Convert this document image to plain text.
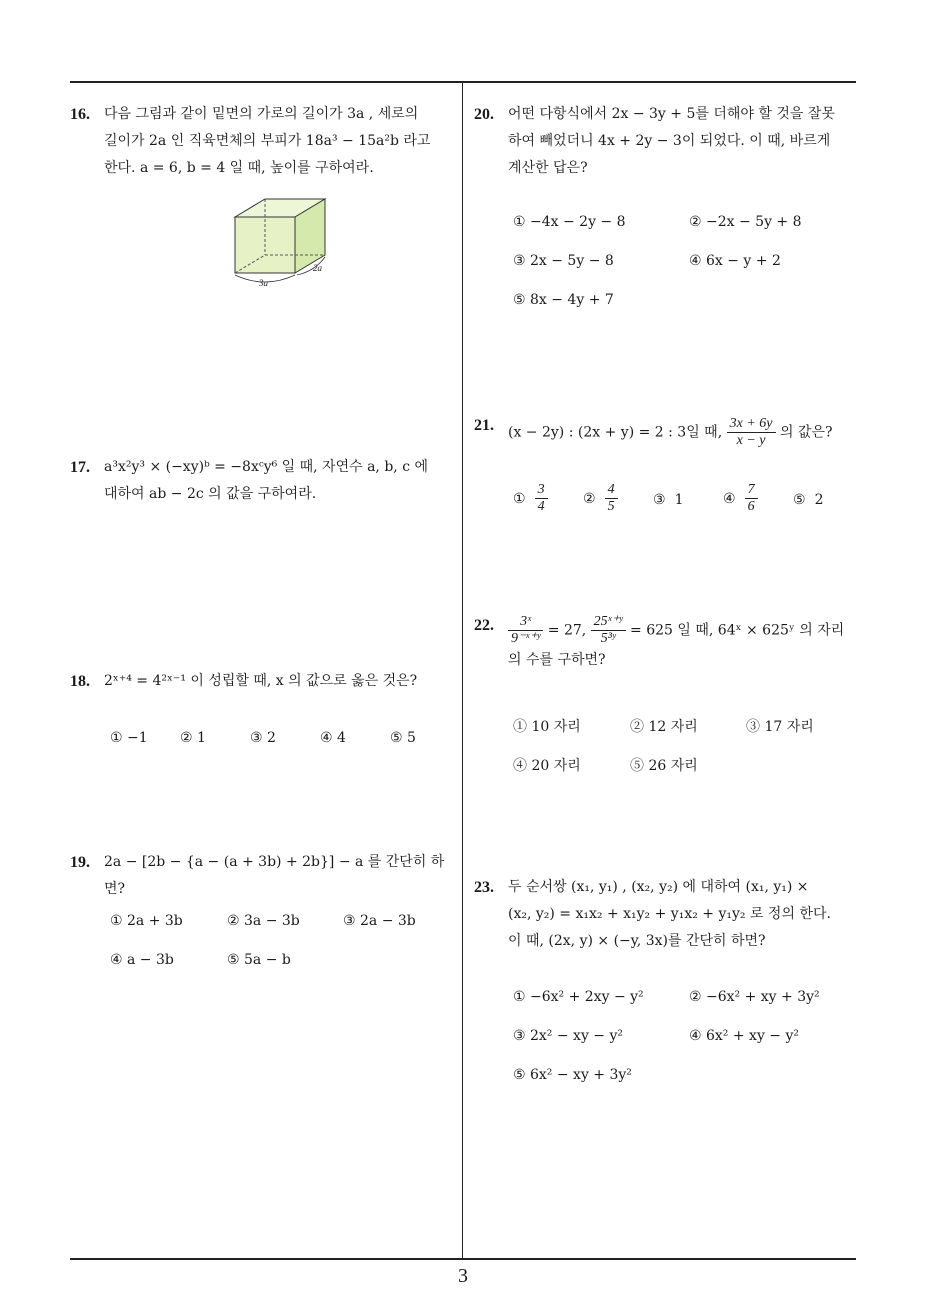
16. 다음 그림과 같이 밑면의 가로의 길이가 3a , 세로의
길이가 2a 인 직육면체의 부피가 18a³ − 15a²b 라고
한다. a = 6, b = 4 일 때, 높이를 구하여라.
3a
2a
17. a³x²y³ × (−xy)ᵇ = −8xᶜy⁶ 일 때, 자연수 a, b, c 에
대하여 ab − 2c 의 값을 구하여라.
18. 2ˣ⁺⁴ = 4²ˣ⁻¹ 이 성립할 때, x 의 값으로 옳은 것은?
① −1 ② 1	③ 2	④ 4	⑤ 5
19. 2a − [2b − {a − (a + 3b) + 2b}] − a 를 간단히 하면?
① 2a + 3b	② 3a − 3b	③ 2a − 3b
④ a − 3b	⑤ 5a − b
20. 어떤 다항식에서 2x − 3y + 5를 더해야 할 것을 잘못
하여 빼었더니 4x + 2y − 3이 되었다. 이 때, 바르게
계산한 답은?
① −4x − 2y − 8	② −2x − 5y + 8
③ 2x − 5y − 8	④ 6x − y + 2
⑤ 8x − 4y + 7
21. (x − 2y) : (2x + y) = 2 : 3일 때, $\frac{3x + 6y}{x - y}$ 의 값은?
① $\frac{3}{4}$	② $\frac{4}{5}$	③ 1	④ $\frac{7}{6}$	⑤ 2
22. $\frac{\text{3ˣ}}{\text{9⁻ˣ⁺ʸ}} = 27$, $\frac{\text{25ˣ⁺ʸ}}{\text{5³ʸ}} = 625$ 일 때, 64ˣ × 625ʸ 의 자리
의 수를 구하면?
① 10 자리	② 12 자리	③ 17 자리
④ 20 자리	⑤ 26 자리
23. 두 순서쌍 (x₁, y₁) , (x₂, y₂) 에 대하여 (x₁, y₁) ×
(x₂, y₂) = x₁x₂ + x₁y₂ + y₁x₂ + y₁y₂ 로 정의 한다.
이 때, (2x, y) × (−y, 3x)를 간단히 하면?
① −6x² + 2xy − y²	② −6x² + xy + 3y²
③ 2x² − xy − y²	④ 6x² + xy − y²
⑤ 6x² − xy + 3y²
3
